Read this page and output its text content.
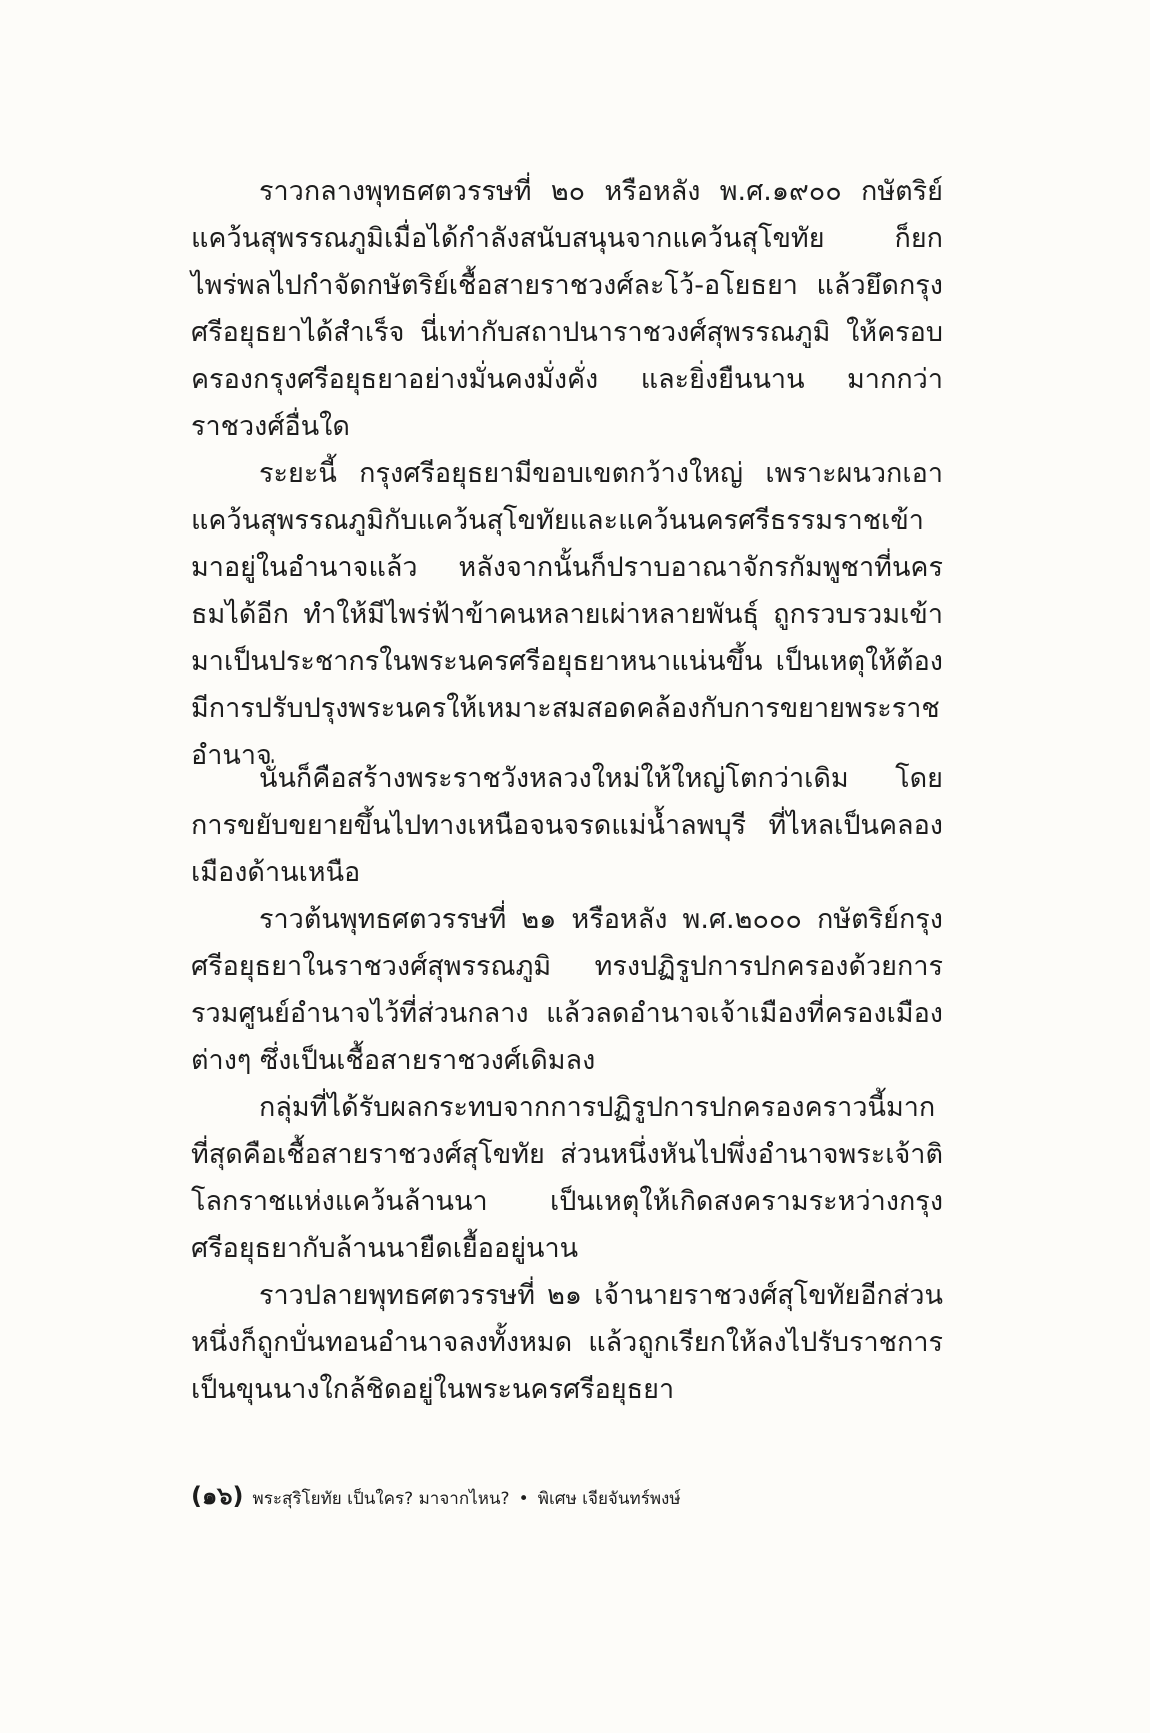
ราวกลางพุทธศตวรรษที่ ๒๐ หรือหลัง พ.ศ.๑๙๐๐ กษัตริย์แคว้นสุพรรณภูมิเมื่อได้กำลังสนับสนุนจากแคว้นสุโขทัย ก็ยกไพร่พลไปกำจัดกษัตริย์เชื้อสายราชวงศ์ละโว้-อโยธยา แล้วยึดกรุงศรีอยุธยาได้สำเร็จ นี่เท่ากับสถาปนาราชวงศ์สุพรรณภูมิ ให้ครอบครองกรุงศรีอยุธยาอย่างมั่นคงมั่งคั่ง และยิ่งยืนนาน มากกว่าราชวงศ์อื่นใด

ระยะนี้ กรุงศรีอยุธยามีขอบเขตกว้างใหญ่ เพราะผนวกเอาแคว้นสุพรรณภูมิกับแคว้นสุโขทัยและแคว้นนครศรีธรรมราชเข้ามาอยู่ในอำนาจแล้ว หลังจากนั้นก็ปราบอาณาจักรกัมพูชาที่นครธมได้อีก ทำให้มีไพร่ฟ้าข้าคนหลายเผ่าหลายพันธุ์ ถูกรวบรวมเข้ามาเป็นประชากรในพระนครศรีอยุธยาหนาแน่นขึ้น เป็นเหตุให้ต้องมีการปรับปรุงพระนครให้เหมาะสมสอดคล้องกับการขยายพระราชอำนาจ

นั่นก็คือสร้างพระราชวังหลวงใหม่ให้ใหญ่โตกว่าเดิม โดยการขยับขยายขึ้นไปทางเหนือจนจรดแม่น้ำลพบุรี ที่ไหลเป็นคลองเมืองด้านเหนือ

ราวต้นพุทธศตวรรษที่ ๒๑ หรือหลัง พ.ศ.๒๐๐๐ กษัตริย์กรุงศรีอยุธยาในราชวงศ์สุพรรณภูมิ ทรงปฏิรูปการปกครองด้วยการรวมศูนย์อำนาจไว้ที่ส่วนกลาง แล้วลดอำนาจเจ้าเมืองที่ครองเมืองต่างๆ ซึ่งเป็นเชื้อสายราชวงศ์เดิมลง

กลุ่มที่ได้รับผลกระทบจากการปฏิรูปการปกครองคราวนี้มากที่สุดคือเชื้อสายราชวงศ์สุโขทัย ส่วนหนึ่งหันไปพึ่งอำนาจพระเจ้าติโลกราชแห่งแคว้นล้านนา เป็นเหตุให้เกิดสงครามระหว่างกรุงศรีอยุธยากับล้านนายืดเยื้ออยู่นาน

ราวปลายพุทธศตวรรษที่ ๒๑ เจ้านายราชวงศ์สุโขทัยอีกส่วนหนึ่งก็ถูกบั่นทอนอำนาจลงทั้งหมด แล้วถูกเรียกให้ลงไปรับราชการเป็นขุนนางใกล้ชิดอยู่ในพระนครศรีอยุธยา

(๑๖) พระสุริโยทัย เป็นใคร? มาจากไหน? • พิเศษ เจียจันทร์พงษ์
